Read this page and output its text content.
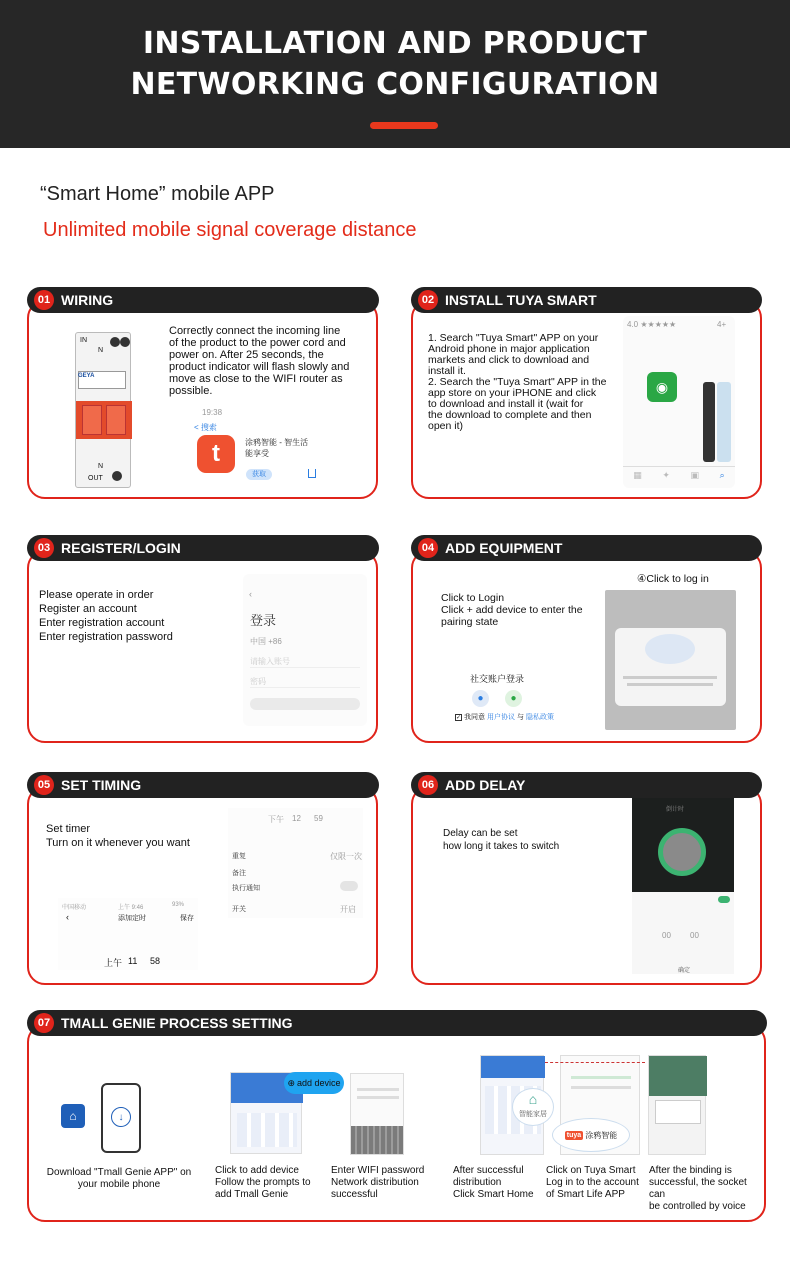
INSTALLATION AND PRODUCT
NETWORKING CONFIGURATION
“Smart Home” mobile APP
Unlimited mobile signal coverage distance
01 WIRING
IN
N
GEYA
N
OUT
Correctly connect the incoming line
of the product to the power cord and
power on. After 25 seconds, the
product indicator will flash slowly and
move as close to the WIFI router as
possible.
19:38
< 搜索
t	涂鸦智能 - 智生活
能享受
获取
02 INSTALL TUYA SMART
1. Search "Tuya Smart" APP on your
Android phone in major application
markets and click to download and
install it.
2. Search the "Tuya Smart" APP in the
app store on your iPHONE and click
to download and install it (wait for
the download to complete and then
open it)
4.0 ★★★★★	4+
◉
▦ ✦ ▣ ⌕
03 REGISTER/LOGIN
Please operate in order
Register an account
Enter registration account
Enter registration password
‹
登录
中国 +86
请输入账号
密码
04 ADD EQUIPMENT
④Click to log in
Click to Login
Click + add device to enter the
pairing state
社交账户登录
●	●
✓ 我同意 用户协议 与 隐私政策
05 SET TIMING
Set timer
Turn on it whenever you want
下午 12 59
重复	仅限一次
备注
执行通知
开关	开启
中国移动	上午 9:46	93%
‹	添加定时	保存
上午 11 58
06 ADD DELAY
Delay can be set
how long it takes to switch
倒计时
00 00
确定
07 TMALL GENIE PROCESS SETTING
⌂	↓
Download "Tmall Genie APP" on
your mobile phone
⊕ add device
Click to add device
Follow the prompts to
add Tmall Genie
Enter WIFI password
Network distribution
successful
⌂
智能家居
After successful
distribution
Click Smart Home
tuya 涂鸦智能
Click on Tuya Smart
Log in to the account
of Smart Life APP
After the binding is
successful, the socket
can
be controlled by voice
